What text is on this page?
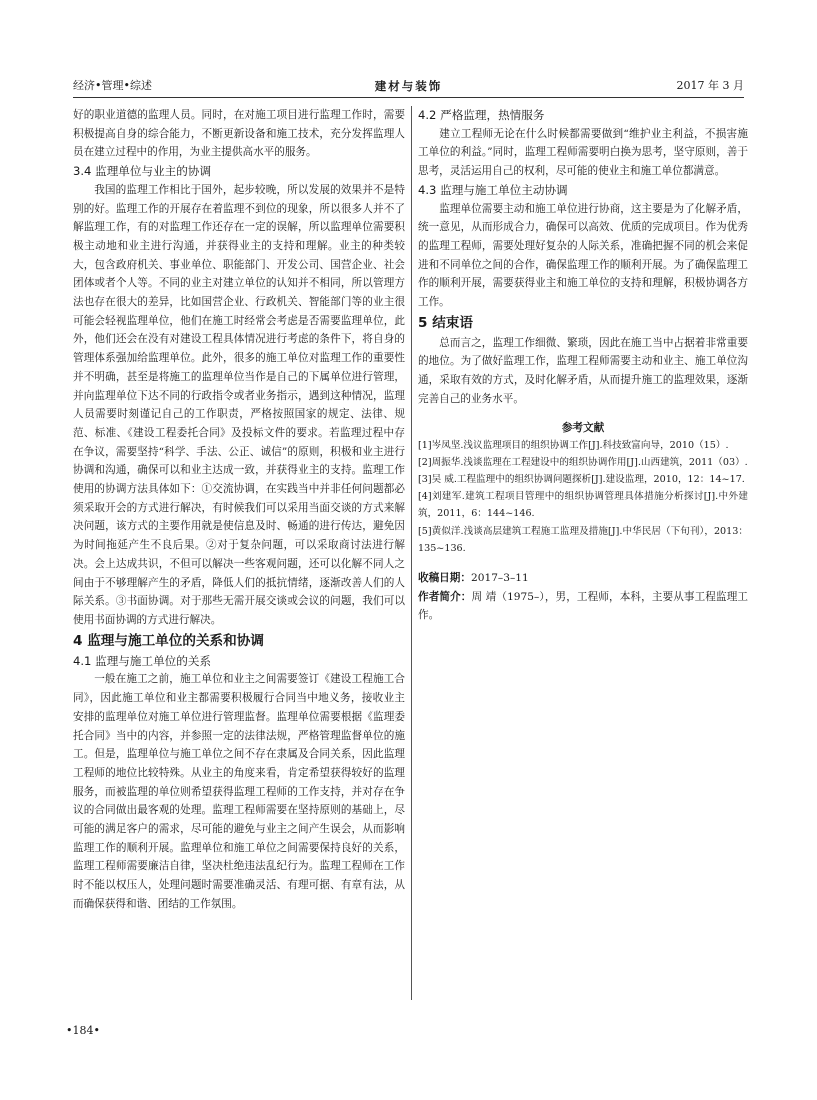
经济•管理•综述	建材与装饰	2017 年 3 月

好的职业道德的监理人员。同时，在对施工项目进行监理工作时，需要积极提高自身的综合能力，不断更新设备和施工技术，充分发挥监理人员在建立过程中的作用，为业主提供高水平的服务。

3.4 监理单位与业主的协调

我国的监理工作相比于国外，起步较晚，所以发展的效果并不是特别的好。监理工作的开展存在着监理不到位的现象，所以很多人并不了解监理工作，有的对监理工作还存在一定的误解，所以监理单位需要积极主动地和业主进行沟通，并获得业主的支持和理解。业主的种类较大，包含政府机关、事业单位、职能部门、开发公司、国营企业、社会团体或者个人等。不同的业主对建立单位的认知并不相同，所以管理方法也存在很大的差异，比如国营企业、行政机关、智能部门等的业主很可能会轻视监理单位，他们在施工时经常会考虑是否需要监理单位，此外，他们还会在没有对建设工程具体情况进行考虑的条件下，将自身的管理体系强加给监理单位。此外，很多的施工单位对监理工作的重要性并不明确，甚至是将施工的监理单位当作是自己的下属单位进行管理，并向监理单位下达不同的行政指令或者业务指示，遇到这种情况，监理人员需要时刻谨记自己的工作职责，严格按照国家的规定、法律、规范、标准、《建设工程委托合同》及投标文件的要求。若监理过程中存在争议，需要坚持“科学、手法、公正、诚信”的原则，积极和业主进行协调和沟通，确保可以和业主达成一致，并获得业主的支持。监理工作使用的协调方法具体如下：①交流协调，在实践当中并非任何问题都必须采取开会的方式进行解决，有时候我们可以采用当面交谈的方式来解决问题，该方式的主要作用就是使信息及时、畅通的进行传达，避免因为时间拖延产生不良后果。②对于复杂问题，可以采取商讨法进行解决。会上达成共识，不但可以解决一些客观问题，还可以化解不同人之间由于不够理解产生的矛盾，降低人们的抵抗情绪，逐渐改善人们的人际关系。③书面协调。对于那些无需开展交谈或会议的问题，我们可以使用书面协调的方式进行解决。

4 监理与施工单位的关系和协调
4.1 监理与施工单位的关系

一般在施工之前，施工单位和业主之间需要签订《建设工程施工合同》，因此施工单位和业主都需要积极履行合同当中地义务，接收业主安排的监理单位对施工单位进行管理监督。监理单位需要根据《监理委托合同》当中的内容，并参照一定的法律法规，严格管理监督单位的施工。但是，监理单位与施工单位之间不存在隶属及合同关系，因此监理工程师的地位比较特殊。从业主的角度来看，肯定希望获得较好的监理服务，而被监理的单位则希望获得监理工程师的工作支持，并对存在争议的合同做出最客观的处理。监理工程师需要在坚持原则的基础上，尽可能的满足客户的需求，尽可能的避免与业主之间产生误会，从而影响监理工作的顺利开展。监理单位和施工单位之间需要保持良好的关系，监理工程师需要廉洁自律，坚决杜绝违法乱纪行为。监理工程师在工作时不能以权压人，处理问题时需要准确灵活、有理可据、有章有法，从而确保获得和谐、团结的工作氛围。

4.2 严格监理，热情服务

建立工程师无论在什么时候都需要做到“维护业主利益，不损害施工单位的利益。”同时，监理工程师需要明白换为思考，坚守原则，善于思考，灵活运用自己的权利，尽可能的使业主和施工单位都满意。

4.3 监理与施工单位主动协调

监理单位需要主动和施工单位进行协商，这主要是为了化解矛盾，统一意见，从而形成合力，确保可以高效、优质的完成项目。作为优秀的监理工程师，需要处理好复杂的人际关系，准确把握不同的机会来促进和不同单位之间的合作，确保监理工作的顺利开展。为了确保监理工作的顺利开展，需要获得业主和施工单位的支持和理解，积极协调各方工作。

5 结束语

总而言之，监理工作细微、繁琐，因此在施工当中占据着非常重要的地位。为了做好监理工作，监理工程师需要主动和业主、施工单位沟通，采取有效的方式，及时化解矛盾，从而提升施工的监理效果，逐渐完善自己的业务水平。

参考文献
[1]岑凤坚.浅议监理项目的组织协调工作[J].科技致富向导，2010（15）.
[2]周振华.浅谈监理在工程建设中的组织协调作用[J].山西建筑，2011（03）.
[3]吴 威.工程监理中的组织协调问题探析[J].建设监理，2010，12：14~17.
[4]刘建军.建筑工程项目管理中的组织协调管理具体措施分析探讨[J].中外建筑，2011，6：144~146.
[5]黄似洋.浅谈高层建筑工程施工监理及措施[J].中华民居（下旬刊），2013：135~136.
收稿日期：2017–3–11
作者简介：周 靖（1975–），男，工程师，本科，主要从事工程监理工作。
•184•
